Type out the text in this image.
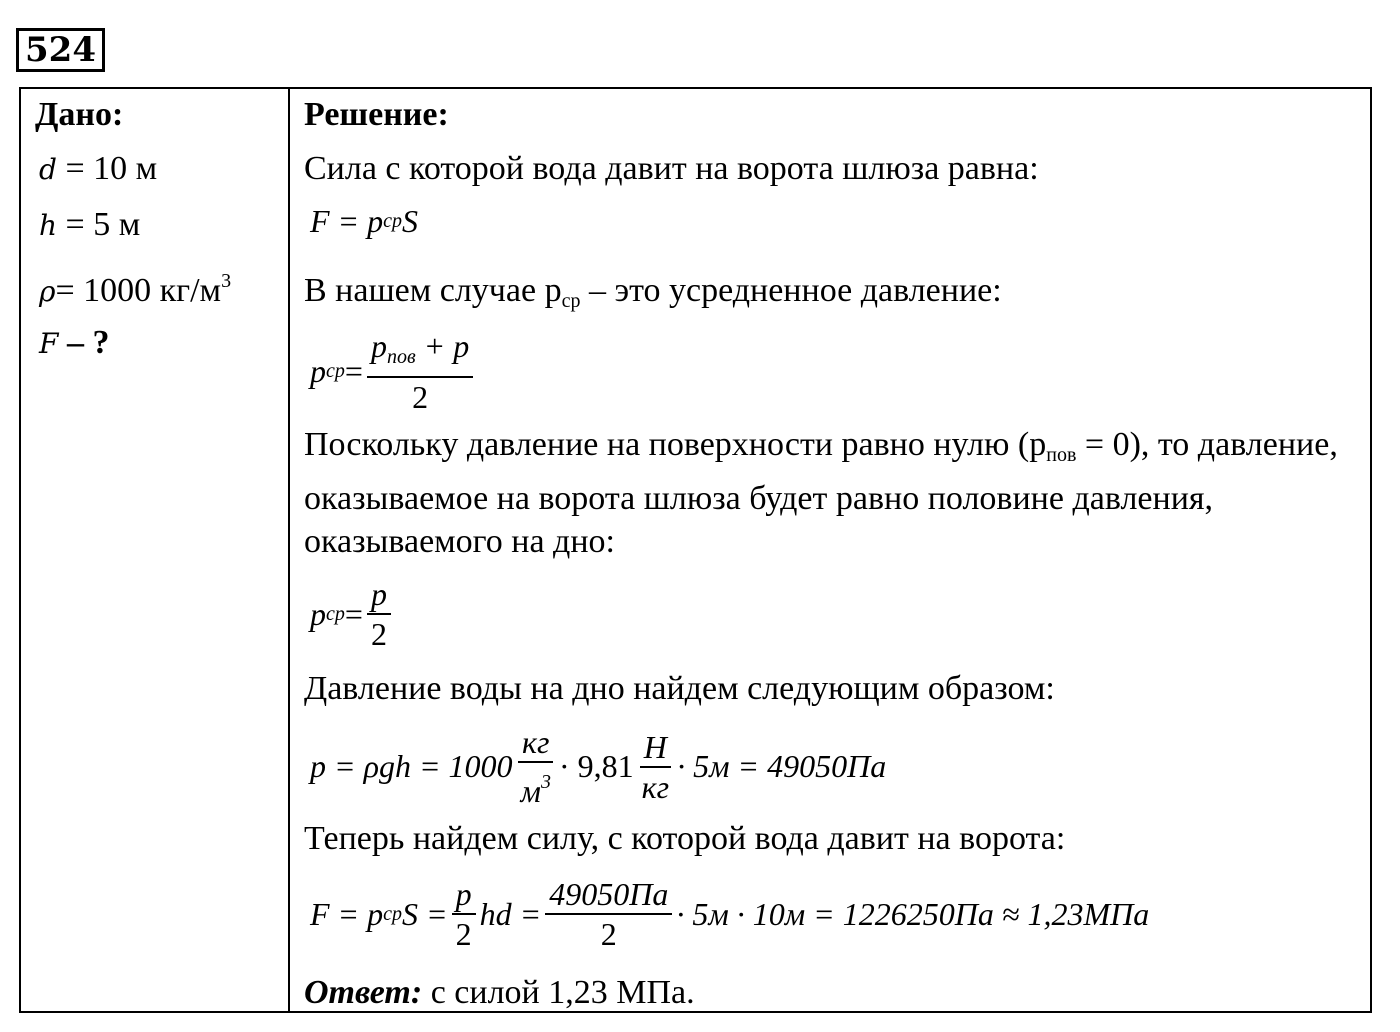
524
Дано:
d = 10 м
h = 5 м
ρ= 1000 $кг/м^3$
F – ?
Решение:
Сила с которой вода давит на ворота шлюза равна:
F = p ср S
В нашем случае $р_{ср}$ – это усредненное давление:
p ср = $\frac{p_{пов} + p}{2}$
Поскольку давление на поверхности равно нулю $(р_{пов} = 0)$, то давление, оказываемое на ворота шлюза будет равно половине давления, оказываемого на дно:
p ср = $\frac{p}{2}$
Давление воды на дно найдем следующим образом:
$p = \rho gh = 1000 \frac{кг}{м^3} \cdot 9,81 \frac{Н}{кг} \cdot 5м = 49050Па$
Теперь найдем силу, с которой вода давит на ворота:
F = p ср $S = \frac{p}{2}$ hd = $\frac{49050Па}{2} \cdot 5м \cdot 10м = 1226250Па \approx 1,23МПа$
Ответ: с силой 1,23 МПа.
